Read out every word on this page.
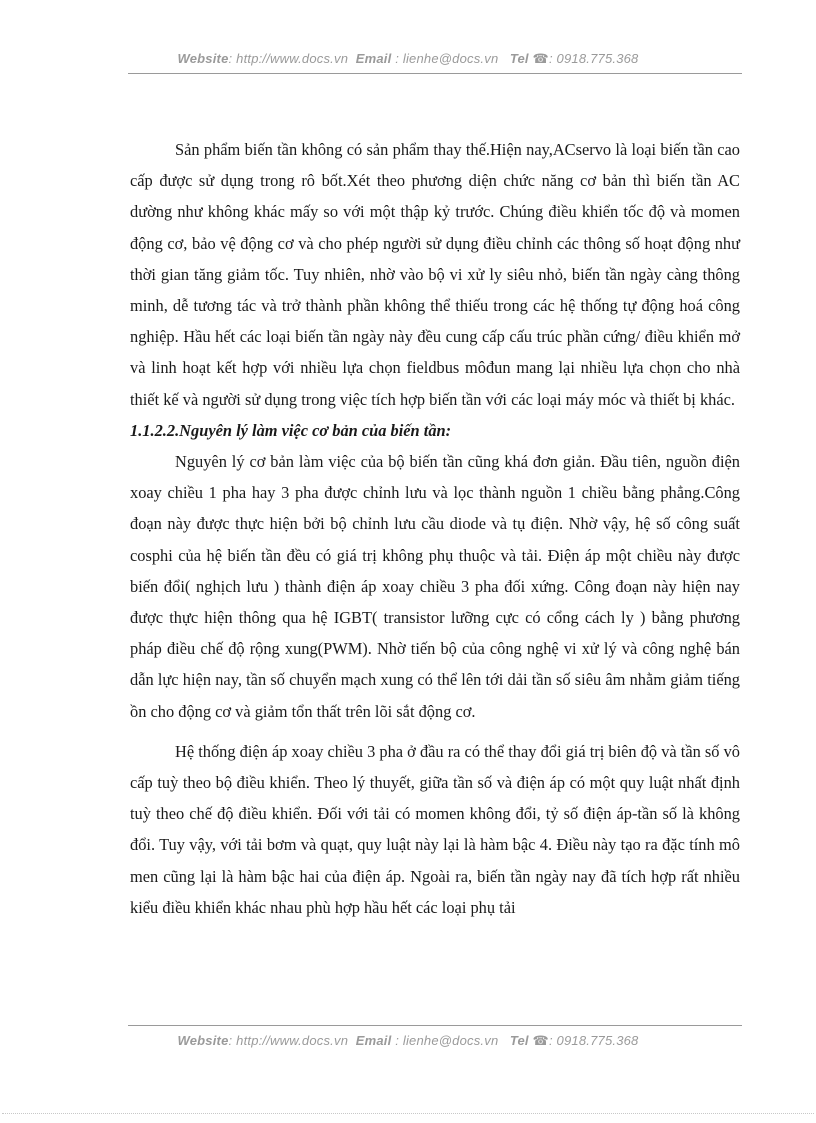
Website: http://www.docs.vn Email : lienhe@docs.vn Tel ☎: 0918.775.368

Sản phẩm biến tần không có sản phẩm thay thế.Hiện nay,ACservo là loại biến tần cao cấp được sử dụng trong rô bốt.Xét theo phương diện chức năng cơ bản thì biến tần AC dường như không khác mấy so với một thập kỷ trước. Chúng điều khiển tốc độ và momen động cơ, bảo vệ động cơ và cho phép người sử dụng điều chỉnh các thông số hoạt động như thời gian tăng giảm tốc. Tuy nhiên, nhờ vào bộ vi xử ly siêu nhỏ, biến tần ngày càng thông minh, dễ tương tác và trở thành phần không thể thiếu trong các hệ thống tự động hoá công nghiệp. Hầu hết các loại biến tần ngày này đều cung cấp cấu trúc phần cứng/ điều khiển mở và linh hoạt kết hợp với nhiều lựa chọn fieldbus môđun mang lại nhiều lựa chọn cho nhà thiết kế và người sử dụng trong việc tích hợp biến tần với các loại máy móc và thiết bị khác.

1.1.2.2.Nguyên lý làm việc cơ bản của biến tần:

Nguyên lý cơ bản làm việc của bộ biến tần cũng khá đơn giản. Đầu tiên, nguồn điện xoay chiều 1 pha hay 3 pha được chỉnh lưu và lọc thành nguồn 1 chiều bằng phẳng.Công đoạn này được thực hiện bởi bộ chỉnh lưu cầu diode và tụ điện. Nhờ vậy, hệ số công suất cosphi của hệ biến tần đều có giá trị không phụ thuộc và tải. Điện áp một chiều này được biến đổi( nghịch lưu ) thành điện áp xoay chiều 3 pha đối xứng. Công đoạn này hiện nay được thực hiện thông qua hệ IGBT( transistor lưỡng cực có cổng cách ly ) bằng phương pháp điều chế độ rộng xung(PWM). Nhờ tiến bộ của công nghệ vi xử lý và công nghệ bán dẫn lực hiện nay, tần số chuyển mạch xung có thể lên tới dải tần số siêu âm nhằm giảm tiếng ồn cho động cơ và giảm tổn thất trên lõi sắt động cơ.

Hệ thống điện áp xoay chiều 3 pha ở đầu ra có thể thay đổi giá trị biên độ và tần số vô cấp tuỳ theo bộ điều khiển. Theo lý thuyết, giữa tần số và điện áp có một quy luật nhất định tuỳ theo chế độ điều khiển. Đối với tải có momen không đổi, tỷ số điện áp-tần số là không đổi. Tuy vậy, với tải bơm và quạt, quy luật này lại là hàm bậc 4. Điều này tạo ra đặc tính mô men cũng lại là hàm bậc hai của điện áp. Ngoài ra, biến tần ngày nay đã tích hợp rất nhiều kiểu điều khiển khác nhau phù hợp hầu hết các loại phụ tải

Website: http://www.docs.vn Email : lienhe@docs.vn Tel ☎: 0918.775.368
